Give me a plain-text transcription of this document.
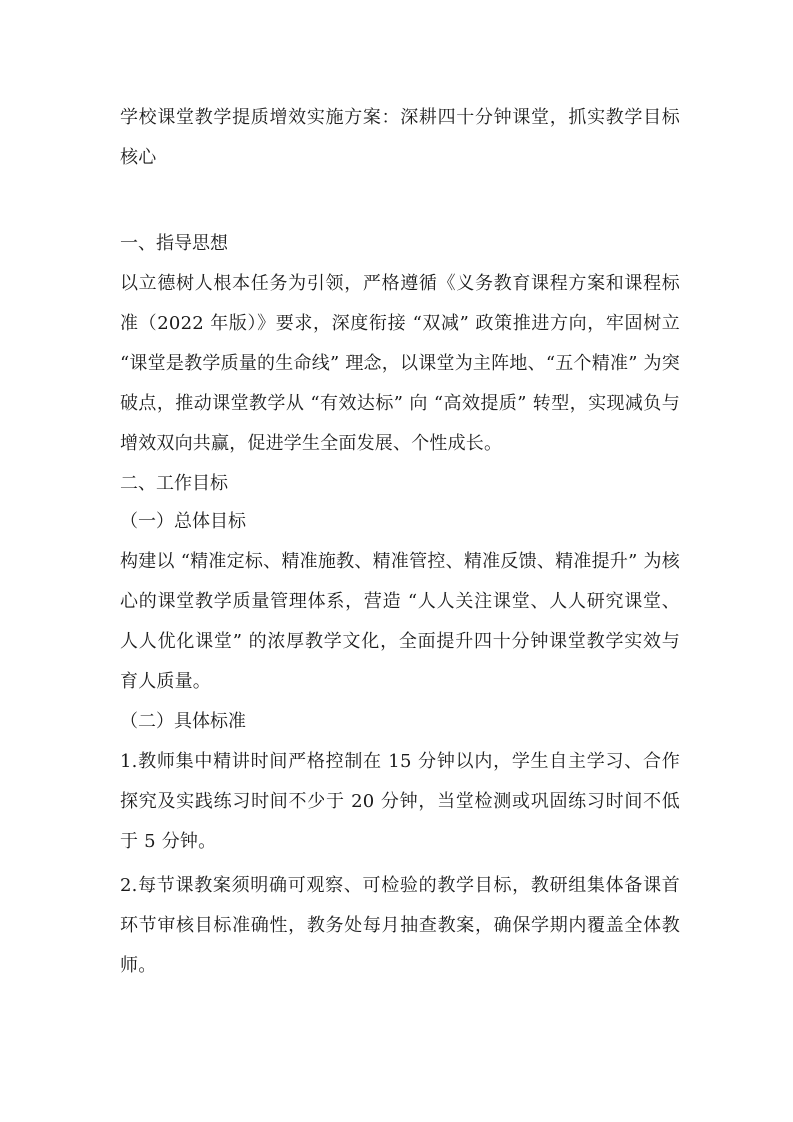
学校课堂教学提质增效实施方案：深耕四十分钟课堂，抓实教学目标核心

一、指导思想

以立德树人根本任务为引领，严格遵循《义务教育课程方案和课程标准（2022 年版）》要求，深度衔接 “双减” 政策推进方向，牢固树立 “课堂是教学质量的生命线” 理念，以课堂为主阵地、“五个精准” 为突破点，推动课堂教学从 “有效达标” 向 “高效提质” 转型，实现减负与增效双向共赢，促进学生全面发展、个性成长。

二、工作目标

（一）总体目标

构建以 “精准定标、精准施教、精准管控、精准反馈、精准提升” 为核心的课堂教学质量管理体系，营造 “人人关注课堂、人人研究课堂、人人优化课堂” 的浓厚教学文化，全面提升四十分钟课堂教学实效与育人质量。

（二）具体标准

1.教师集中精讲时间严格控制在 15 分钟以内，学生自主学习、合作探究及实践练习时间不少于 20 分钟，当堂检测或巩固练习时间不低于 5 分钟。

2.每节课教案须明确可观察、可检验的教学目标，教研组集体备课首环节审核目标准确性，教务处每月抽查教案，确保学期内覆盖全体教师。
